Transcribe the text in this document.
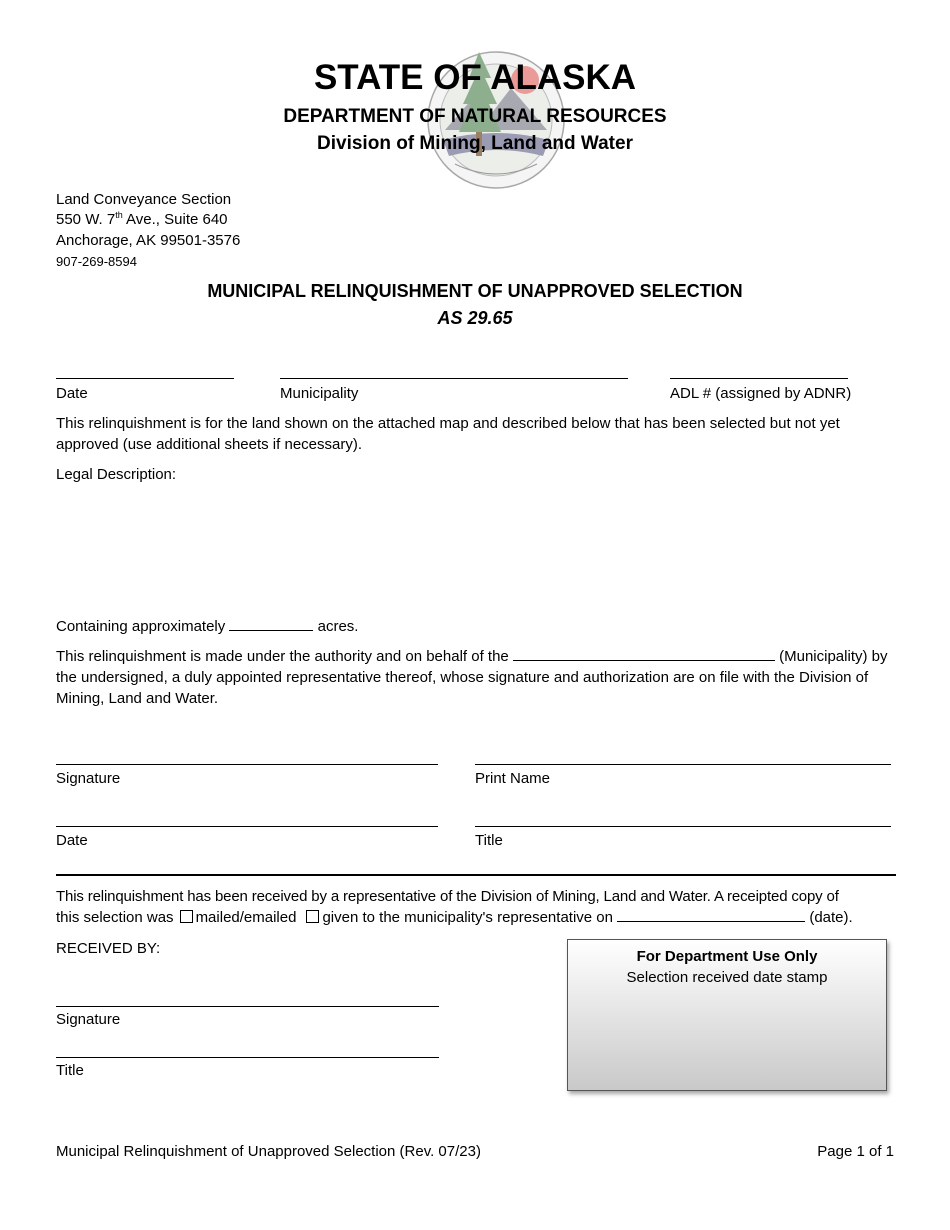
STATE OF ALASKA
DEPARTMENT OF NATURAL RESOURCES
Division of Mining, Land and Water
Land Conveyance Section
550 W. 7th Ave., Suite 640
Anchorage, AK 99501-3576
907-269-8594
MUNICIPAL RELINQUISHMENT OF UNAPPROVED SELECTION
AS 29.65
Date	Municipality	ADL # (assigned by ADNR)
This relinquishment is for the land shown on the attached map and described below that has been selected but not yet approved (use additional sheets if necessary).
Legal Description:
Containing approximately	acres.
This relinquishment is made under the authority and on behalf of the	(Municipality) by the undersigned, a duly appointed representative thereof, whose signature and authorization are on file with the Division of Mining, Land and Water.
Signature	Print Name
Date	Title
This relinquishment has been received by a representative of the Division of Mining, Land and Water. A receipted copy of
this selection was mailed/emailed given to the municipality's representative on	(date).
RECEIVED BY:
Signature
Title
For Department Use Only
Selection received date stamp
Municipal Relinquishment of Unapproved Selection (Rev. 07/23)	Page 1 of 1
